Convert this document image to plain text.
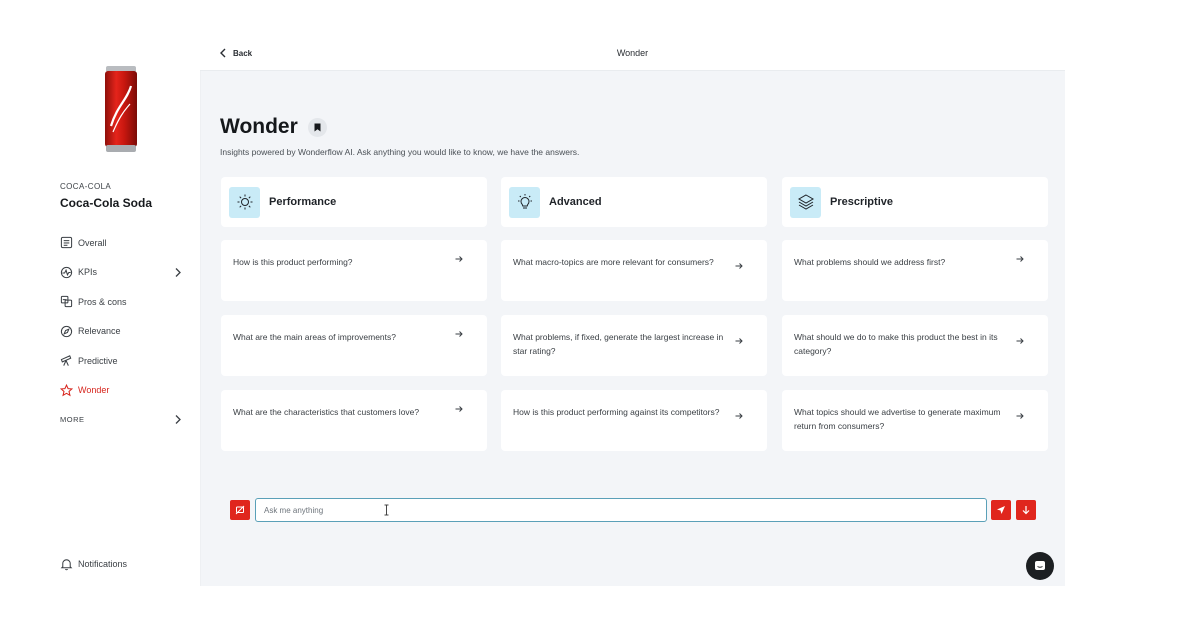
COCA-COLA
Coca-Cola Soda
Overall
KPIs
Pros & cons
Relevance
Predictive
Wonder
MORE
Notifications
Back	Wonder
Wonder
Insights powered by Wonderflow AI. Ask anything you would like to know, we have the answers.
Performance	Advanced	Prescriptive
How is this product performing?
What are the main areas of improvements?
What are the characteristics that customers love?
What macro-topics are more relevant for consumers?
What problems, if fixed, generate the largest increase in star rating?
How is this product performing against its competitors?
What problems should we address first?
What should we do to make this product the best in its category?
What topics should we advertise to generate maximum return from consumers?
Ask me anything
